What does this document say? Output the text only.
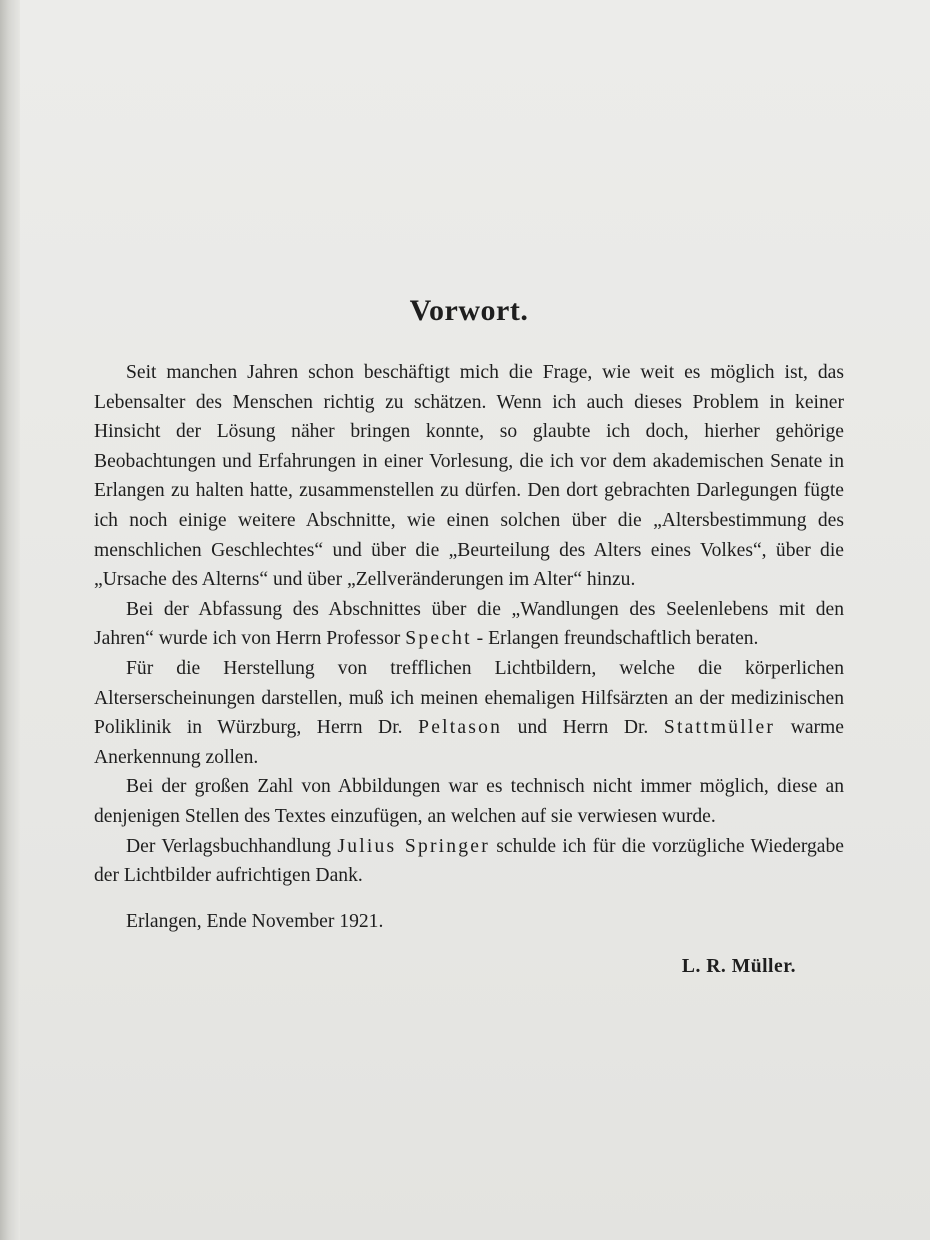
Vorwort.

Seit manchen Jahren schon beschäftigt mich die Frage, wie weit es möglich ist, das Lebensalter des Menschen richtig zu schätzen. Wenn ich auch dieses Problem in keiner Hinsicht der Lösung näher bringen konnte, so glaubte ich doch, hierher gehörige Beobachtungen und Erfahrungen in einer Vorlesung, die ich vor dem akademischen Senate in Erlangen zu halten hatte, zusammenstellen zu dürfen. Den dort gebrachten Darlegungen fügte ich noch einige weitere Abschnitte, wie einen solchen über die „Altersbestimmung des menschlichen Geschlechtes“ und über die „Beurteilung des Alters eines Volkes“, über die „Ursache des Alterns“ und über „Zellveränderungen im Alter“ hinzu.

Bei der Abfassung des Abschnittes über die „Wandlungen des Seelenlebens mit den Jahren“ wurde ich von Herrn Professor Specht - Erlangen freundschaftlich beraten.

Für die Herstellung von trefflichen Lichtbildern, welche die körperlichen Alterserscheinungen darstellen, muß ich meinen ehemaligen Hilfsärzten an der medizinischen Poliklinik in Würzburg, Herrn Dr. Peltason und Herrn Dr. Stattmüller warme Anerkennung zollen.

Bei der großen Zahl von Abbildungen war es technisch nicht immer möglich, diese an denjenigen Stellen des Textes einzufügen, an welchen auf sie verwiesen wurde.

Der Verlagsbuchhandlung Julius Springer schulde ich für die vorzügliche Wiedergabe der Lichtbilder aufrichtigen Dank.

Erlangen, Ende November 1921.

L. R. Müller.
